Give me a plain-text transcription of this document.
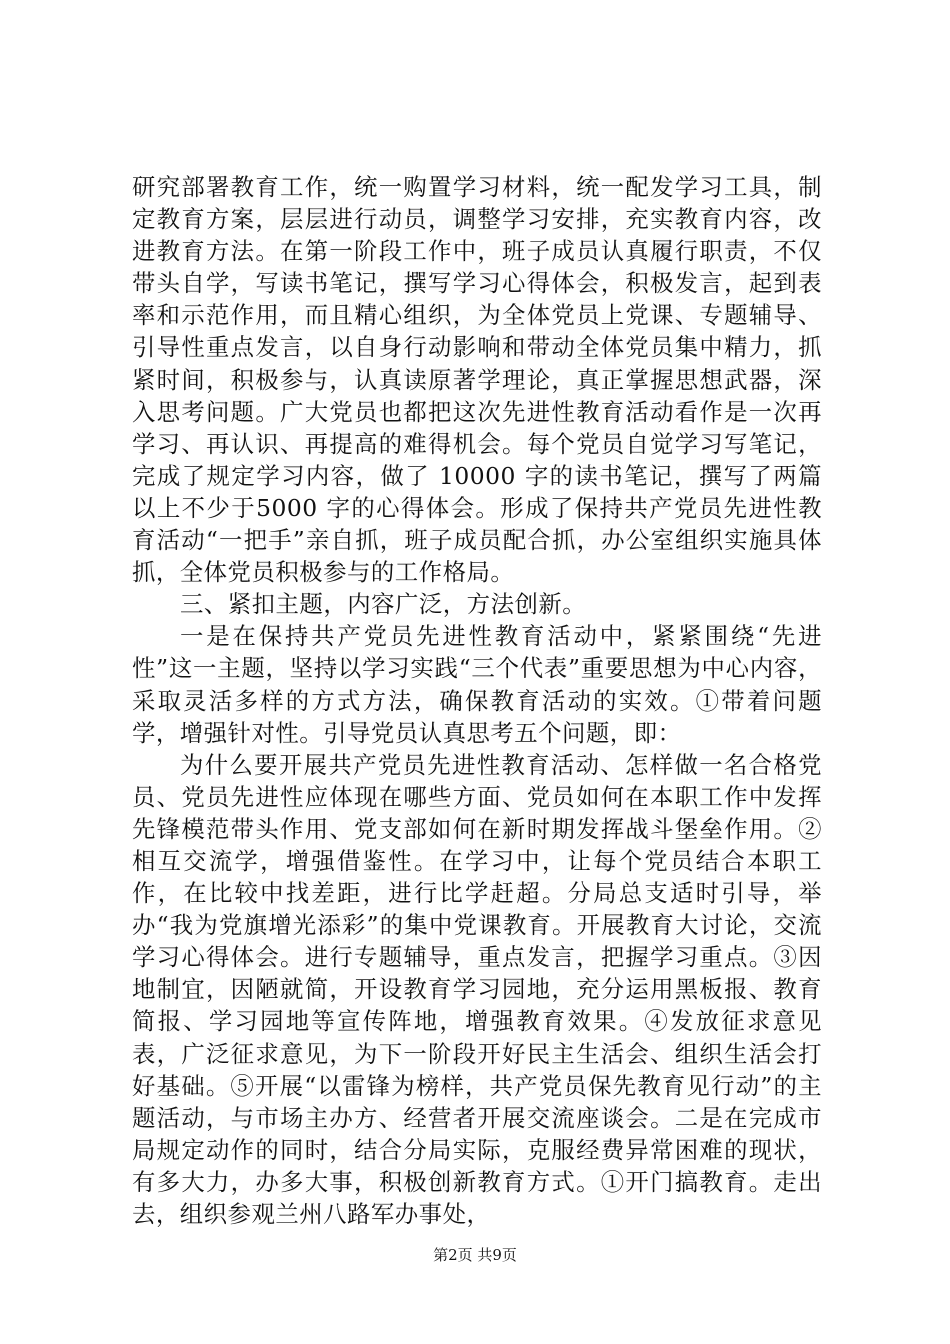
研究部署教育工作，统一购置学习材料，统一配发学习工具，制定教育方案，层层进行动员，调整学习安排，充实教育内容，改进教育方法。在第一阶段工作中，班子成员认真履行职责，不仅带头自学，写读书笔记，撰写学习心得体会，积极发言，起到表率和示范作用，而且精心组织，为全体党员上党课、专题辅导、引导性重点发言，以自身行动影响和带动全体党员集中精力，抓紧时间，积极参与，认真读原著学理论，真正掌握思想武器，深入思考问题。广大党员也都把这次先进性教育活动看作是一次再学习、再认识、再提高的难得机会。每个党员自觉学习写笔记，完成了规定学习内容，做了 10000 字的读书笔记，撰写了两篇以上不少于5000 字的心得体会。形成了保持共产党员先进性教育活动“一把手”亲自抓，班子成员配合抓，办公室组织实施具体抓，全体党员积极参与的工作格局。

三、紧扣主题，内容广泛，方法创新。

一是在保持共产党员先进性教育活动中，紧紧围绕“先进性”这一主题，坚持以学习实践“三个代表”重要思想为中心内容，采取灵活多样的方式方法，确保教育活动的实效。①带着问题学，增强针对性。引导党员认真思考五个问题，即：

为什么要开展共产党员先进性教育活动、怎样做一名合格党员、党员先进性应体现在哪些方面、党员如何在本职工作中发挥先锋模范带头作用、党支部如何在新时期发挥战斗堡垒作用。②相互交流学，增强借鉴性。在学习中，让每个党员结合本职工作，在比较中找差距，进行比学赶超。分局总支适时引导，举办“我为党旗增光添彩”的集中党课教育。开展教育大讨论，交流学习心得体会。进行专题辅导，重点发言，把握学习重点。③因地制宜，因陋就简，开设教育学习园地，充分运用黑板报、教育简报、学习园地等宣传阵地，增强教育效果。④发放征求意见表，广泛征求意见，为下一阶段开好民主生活会、组织生活会打好基础。⑤开展“以雷锋为榜样，共产党员保先教育见行动”的主题活动，与市场主办方、经营者开展交流座谈会。二是在完成市局规定动作的同时，结合分局实际，克服经费异常困难的现状，有多大力，办多大事，积极创新教育方式。①开门搞教育。走出去，组织参观兰州八路军办事处，

第2页 共9页
